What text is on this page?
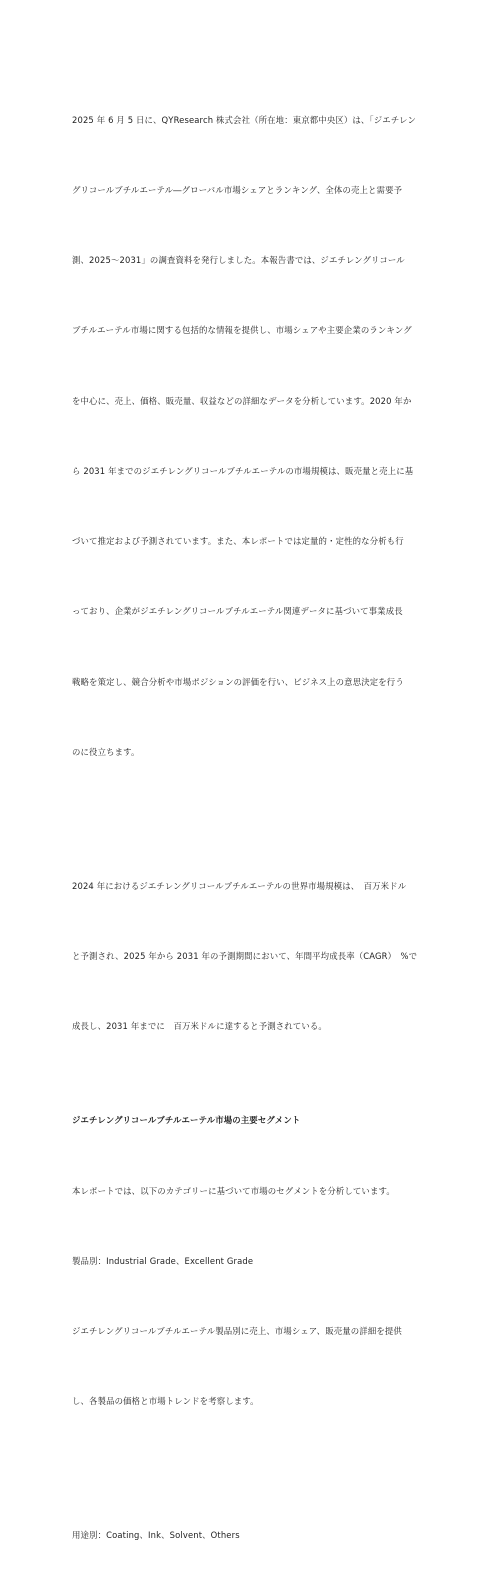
2025 年 6 月 5 日に、QYResearch 株式会社（所在地：東京都中央区）は、「ジエチレン

グリコールブチルエーテル―グローバル市場シェアとランキング、全体の売上と需要予

測、2025～2031」の調査資料を発行しました。本報告書では、ジエチレングリコール

ブチルエーテル市場に関する包括的な情報を提供し、市場シェアや主要企業のランキング

を中心に、売上、価格、販売量、収益などの詳細なデータを分析しています。2020 年か

ら 2031 年までのジエチレングリコールブチルエーテルの市場規模は、販売量と売上に基

づいて推定および予測されています。また、本レポートでは定量的・定性的な分析も行

っており、企業がジエチレングリコールブチルエーテル関連データに基づいて事業成長

戦略を策定し、競合分析や市場ポジションの評価を行い、ビジネス上の意思決定を行う

のに役立ちます。

2024 年におけるジエチレングリコールブチルエーテルの世界市場規模は、　百万米ドル

と予測され、2025 年から 2031 年の予測期間において、年間平均成長率（CAGR）　%で

成長し、2031 年までに　百万米ドルに達すると予測されている。

ジエチレングリコールブチルエーテル市場の主要セグメント

本レポートでは、以下のカテゴリーに基づいて市場のセグメントを分析しています。

製品別：Industrial Grade、Excellent Grade

ジエチレングリコールブチルエーテル製品別に売上、市場シェア、販売量の詳細を提供

し、各製品の価格と市場トレンドを考察します。

用途別：Coating、Ink、Solvent、Others
